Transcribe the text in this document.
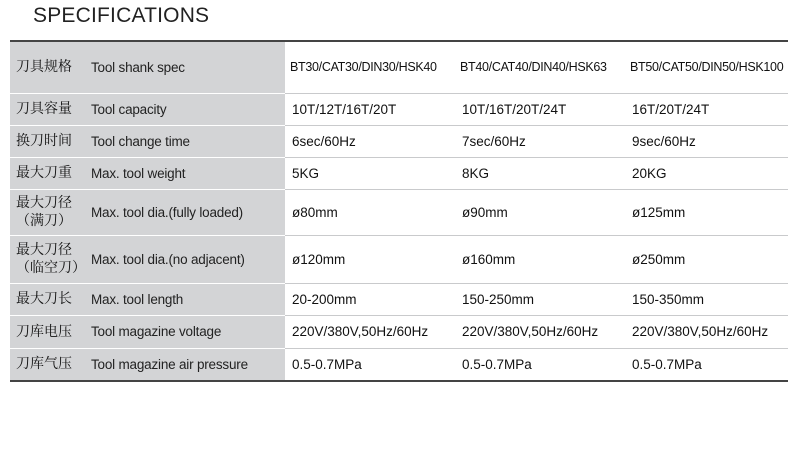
SPECIFICATIONS
刀具规格	Tool shank spec	BT30/CAT30/DIN30/HSK40	BT40/CAT40/DIN40/HSK63	BT50/CAT50/DIN50/HSK100
刀具容量	Tool capacity	10T/12T/16T/20T	10T/16T/20T/24T	16T/20T/24T
换刀时间	Tool change time	6sec/60Hz	7sec/60Hz	9sec/60Hz
最大刀重	Max. tool weight	5KG	8KG	20KG

最大刀径
（满刀）	Max. tool dia.(fully loaded)	ø80mm	ø90mm	ø125mm

最大刀径
（临空刀）	Max. tool dia.(no adjacent)	ø120mm	ø160mm	ø250mm
最大刀长	Max. tool length	20-200mm	150-250mm	150-350mm
刀库电压	Tool magazine voltage	220V/380V,50Hz/60Hz	220V/380V,50Hz/60Hz	220V/380V,50Hz/60Hz
刀库气压	Tool magazine air pressure	0.5-0.7MPa	0.5-0.7MPa	0.5-0.7MPa
